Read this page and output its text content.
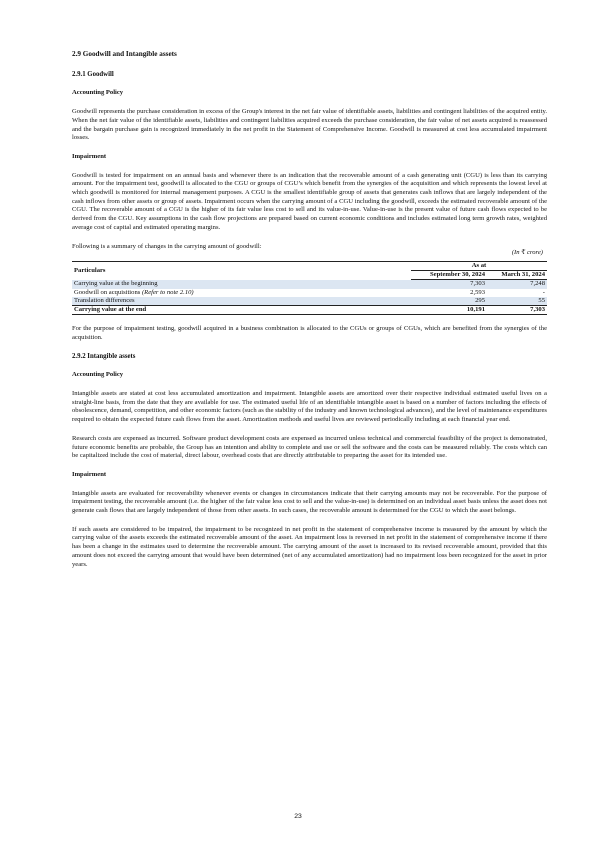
2.9 Goodwill and Intangible assets
2.9.1 Goodwill
Accounting Policy

Goodwill represents the purchase consideration in excess of the Group's interest in the net fair value of identifiable assets, liabilities and contingent liabilities of the acquired entity. When the net fair value of the identifiable assets, liabilities and contingent liabilities acquired exceeds the purchase consideration, the fair value of net assets acquired is reassessed and the bargain purchase gain is recognized immediately in the net profit in the Statement of Comprehensive Income. Goodwill is measured at cost less accumulated impairment losses.

Impairment

Goodwill is tested for impairment on an annual basis and whenever there is an indication that the recoverable amount of a cash generating unit (CGU) is less than its carrying amount. For the impairment test, goodwill is allocated to the CGU or groups of CGU’s which benefit from the synergies of the acquisition and which represents the lowest level at which goodwill is monitored for internal management purposes. A CGU is the smallest identifiable group of assets that generates cash inflows that are largely independent of the cash inflows from other assets or group of assets. Impairment occurs when the carrying amount of a CGU including the goodwill, exceeds the estimated recoverable amount of the CGU. The recoverable amount of a CGU is the higher of its fair value less cost to sell and its value-in-use. Value-in-use is the present value of future cash flows expected to be derived from the CGU. Key assumptions in the cash flow projections are prepared based on current economic conditions and includes estimated long term growth rates, weighted average cost of capital and estimated operating margins.

Following is a summary of changes in the carrying amount of goodwill:

(In ₹ crore)
Particulars	As at	
	September 30, 2024	March 31, 2024
Carrying value at the beginning	7,303	7,248
Goodwill on acquisitions (Refer to note 2.10)	2,593	-
Translation differences	295	55
Carrying value at the end	10,191	7,303

For the purpose of impairment testing, goodwill acquired in a business combination is allocated to the CGUs or groups of CGUs, which are benefited from the synergies of the acquisition.

2.9.2 Intangible assets
Accounting Policy

Intangible assets are stated at cost less accumulated amortization and impairment. Intangible assets are amortized over their respective individual estimated useful lives on a straight-line basis, from the date that they are available for use. The estimated useful life of an identifiable intangible asset is based on a number of factors including the effects of obsolescence, demand, competition, and other economic factors (such as the stability of the industry and known technological advances), and the level of maintenance expenditures required to obtain the expected future cash flows from the asset. Amortization methods and useful lives are reviewed periodically including at each financial year end.

Research costs are expensed as incurred. Software product development costs are expensed as incurred unless technical and commercial feasibility of the project is demonstrated, future economic benefits are probable, the Group has an intention and ability to complete and use or sell the software and the costs can be measured reliably. The costs which can be capitalized include the cost of material, direct labour, overhead costs that are directly attributable to preparing the asset for its intended use.

Impairment

Intangible assets are evaluated for recoverability whenever events or changes in circumstances indicate that their carrying amounts may not be recoverable. For the purpose of impairment testing, the recoverable amount (i.e. the higher of the fair value less cost to sell and the value-in-use) is determined on an individual asset basis unless the asset does not generate cash flows that are largely independent of those from other assets. In such cases, the recoverable amount is determined for the CGU to which the asset belongs.

If such assets are considered to be impaired, the impairment to be recognized in net profit in the statement of comprehensive income is measured by the amount by which the carrying value of the assets exceeds the estimated recoverable amount of the asset. An impairment loss is reversed in net profit in the statement of comprehensive income if there has been a change in the estimates used to determine the recoverable amount. The carrying amount of the asset is increased to its revised recoverable amount, provided that this amount does not exceed the carrying amount that would have been determined (net of any accumulated amortization) had no impairment loss been recognized for the asset in prior years.

23
